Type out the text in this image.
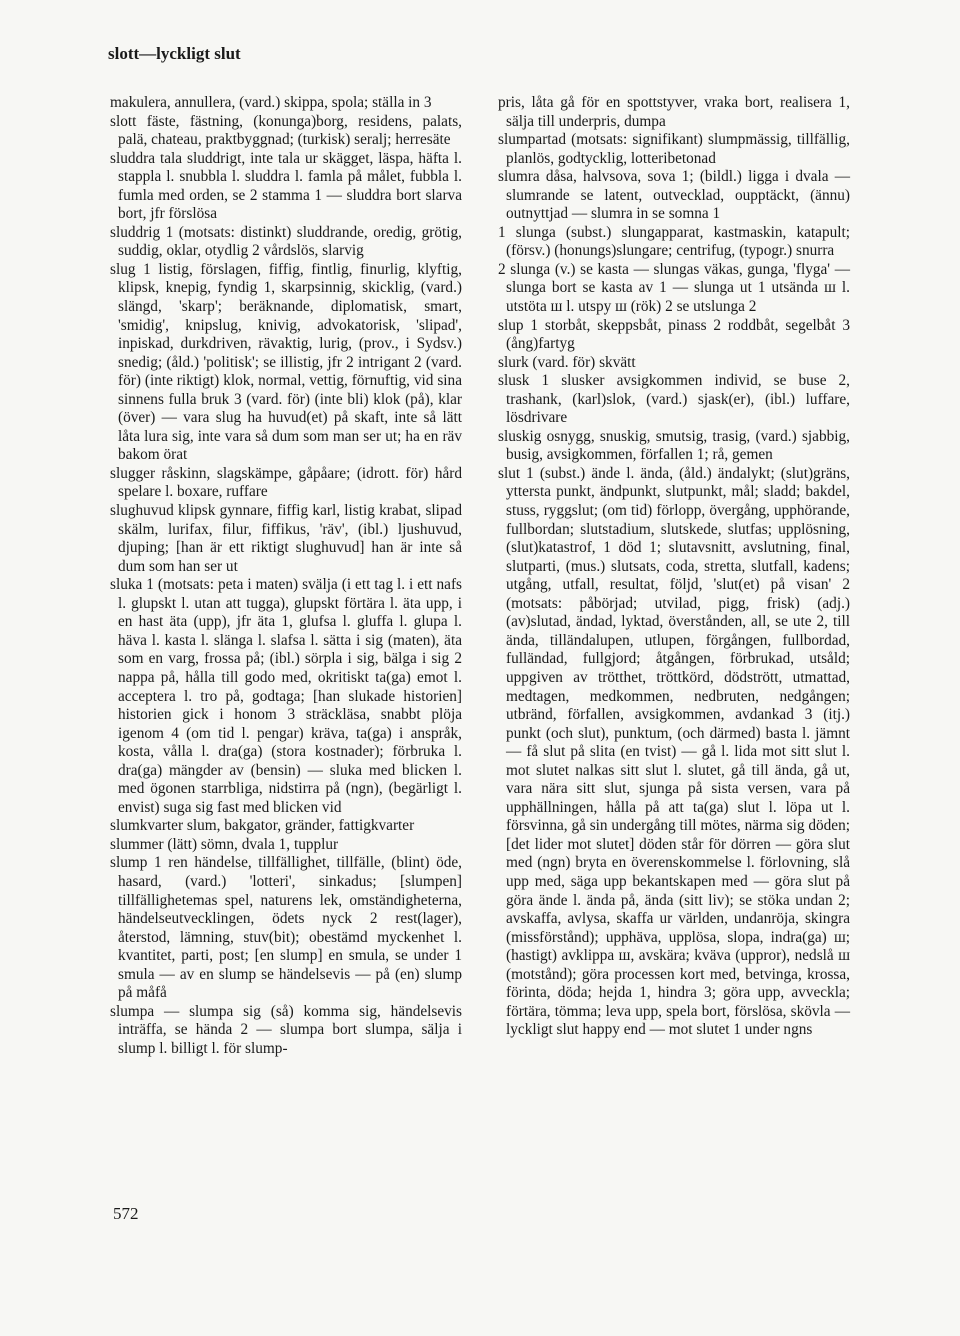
slott—lyckligt slut

makulera, annullera, (vard.) skippa, spola; ställa in 3

slott fäste, fästning, (konunga)borg, residens, palats, palä, chateau, praktbyggnad; (turkisk) seralj; herresäte

sluddra tala sluddrigt, inte tala ur skägget, läspa, häfta l. stappla l. snubbla l. sluddra l. famla på målet, fubbla l. fumla med orden, se 2 stamma 1 — sluddra bort slarva bort, jfr förslösa

sluddrig 1 (motsats: distinkt) sluddrande, oredig, grötig, suddig, oklar, otydlig 2 vårdslös, slarvig

slug 1 listig, förslagen, fiffig, fintlig, finurlig, klyftig, klipsk, knepig, fyndig 1, skarpsinnig, skicklig, (vard.) slängd, 'skarp'; beräknande, diplomatisk, smart, 'smidig', knipslug, knivig, advokatorisk, 'slipad', inpiskad, durkdriven, rävaktig, lurig, (prov., i Sydsv.) snedig; (åld.) 'politisk'; se illistig, jfr 2 intrigant 2 (vard. för) (inte riktigt) klok, normal, vettig, förnuftig, vid sina sinnens fulla bruk 3 (vard. för) (inte bli) klok (på), klar (över) — vara slug ha huvud(et) på skaft, inte så lätt låta lura sig, inte vara så dum som man ser ut; ha en räv bakom örat

slugger råskinn, slagskämpe, gåpåare; (idrott. för) hård spelare l. boxare, ruffare

slughuvud klipsk gynnare, fiffig karl, listig krabat, slipad skälm, lurifax, filur, fiffikus, 'räv', (ibl.) ljushuvud, djuping; [han är ett riktigt slughuvud] han är inte så dum som han ser ut

sluka 1 (motsats: peta i maten) svälja (i ett tag l. i ett nafs l. glupskt l. utan att tugga), glupskt förtära l. äta upp, i en hast äta (upp), jfr äta 1, glufsa l. gluffa l. glupa l. häva l. kasta l. slänga l. slafsa l. sätta i sig (maten), äta som en varg, frossa på; (ibl.) sörpla i sig, bälga i sig 2 nappa på, hålla till godo med, okritiskt ta(ga) emot l. acceptera l. tro på, godtaga; [han slukade historien] historien gick i honom 3 sträckläsa, snabbt plöja igenom 4 (om tid l. pengar) kräva, ta(ga) i anspråk, kosta, vålla l. dra(ga) (stora kostnader); förbruka l. dra(ga) mängder av (bensin) — sluka med blicken l. med ögonen starrbliga, nidstirra på (ngn), (begärligt l. envist) suga sig fast med blicken vid

slumkvarter slum, bakgator, gränder, fattigkvarter

slummer (lätt) sömn, dvala 1, tupplur

slump 1 ren händelse, tillfällighet, tillfälle, (blint) öde, hasard, (vard.) 'lotteri', sinkadus; [slumpen] tillfällighetemas spel, naturens lek, omständigheterna, händelseutvecklingen, ödets nyck 2 rest(lager), återstod, lämning, stuv(bit); obestämd myckenhet l. kvantitet, parti, post; [en slump] en smula, se under 1 smula — av en slump se händelsevis — på (en) slump på måfå

slumpa — slumpa sig (så) komma sig, händelsevis inträffa, se hända 2 — slumpa bort slumpa, sälja i slump l. billigt l. för slump-

pris, låta gå för en spottstyver, vraka bort, realisera 1, sälja till underpris, dumpa

slumpartad (motsats: signifikant) slumpmässig, tillfällig, planlös, godtycklig, lotteribetonad

slumra dåsa, halvsova, sova 1; (bildl.) ligga i dvala — slumrande se latent, outvecklad, oupptäckt, (ännu) outnyttjad — slumra in se somna 1

1 slunga (subst.) slungapparat, kastmaskin, katapult; (försv.) (honungs)slungare; centrifug, (typogr.) snurra

2 slunga (v.) se kasta — slungas väkas, gunga, 'flyga' — slunga bort se kasta av 1 — slunga ut 1 utsända ш l. utstöta ш l. utspy ш (rök) 2 se utslunga 2

slup 1 storbåt, skeppsbåt, pinass 2 roddbåt, segelbåt 3 (ång)fartyg

slurk (vard. för) skvätt

slusk 1 slusker avsigkommen individ, se buse 2, trashank, (karl)slok, (vard.) sjask(er), (ibl.) luffare, lösdrivare

sluskig osnygg, snuskig, smutsig, trasig, (vard.) sjabbig, busig, avsigkommen, förfallen 1; rå, gemen

slut 1 (subst.) ände l. ända, (åld.) ändalykt; (slut)gräns, yttersta punkt, ändpunkt, slutpunkt, mål; sladd; bakdel, stuss, ryggslut; (om tid) förlopp, övergång, upphörande, fullbordan; slutstadium, slutskede, slutfas; upplösning, (slut)katastrof, 1 död 1; slutavsnitt, avslutning, final, slutparti, (mus.) slutsats, coda, stretta, slutfall, kadens; utgång, utfall, resultat, följd, 'slut(et) på visan' 2 (motsats: påbörjad; utvilad, pigg, frisk) (adj.) (av)slutad, ändad, lyktad, överstånden, all, se ute 2, till ända, tilländalupen, utlupen, förgången, fullbordad, fulländad, fullgjord; åtgången, förbrukad, utsåld; uppgiven av trötthet, tröttkörd, dödstrött, utmattad, medtagen, medkommen, nedbruten, nedgången; utbränd, förfallen, avsigkommen, avdankad 3 (itj.) punkt (och slut), punktum, (och därmed) basta l. jämnt — få slut på slita (en tvist) — gå l. lida mot sitt slut l. mot slutet nalkas sitt slut l. slutet, gå till ända, gå ut, vara nära sitt slut, sjunga på sista versen, vara på upphällningen, hålla på att ta(ga) slut l. löpa ut l. försvinna, gå sin undergång till mötes, närma sig döden; [det lider mot slutet] döden står för dörren — göra slut med (ngn) bryta en överenskommelse l. förlovning, slå upp med, säga upp bekantskapen med — göra slut på göra ände l. ända på, ända (sitt liv); se stöka undan 2; avskaffa, avlysa, skaffa ur världen, undanröja, skingra (missförstånd); upphäva, upplösa, slopa, indra(ga) ш; (hastigt) avklippa ш, avskära; kväva (uppror), nedslå ш (motstånd); göra processen kort med, betvinga, krossa, förinta, döda; hejda 1, hindra 3; göra upp, avveckla; förtära, tömma; leva upp, spela bort, förslösa, skövla — lyckligt slut happy end — mot slutet 1 under ngns

572
